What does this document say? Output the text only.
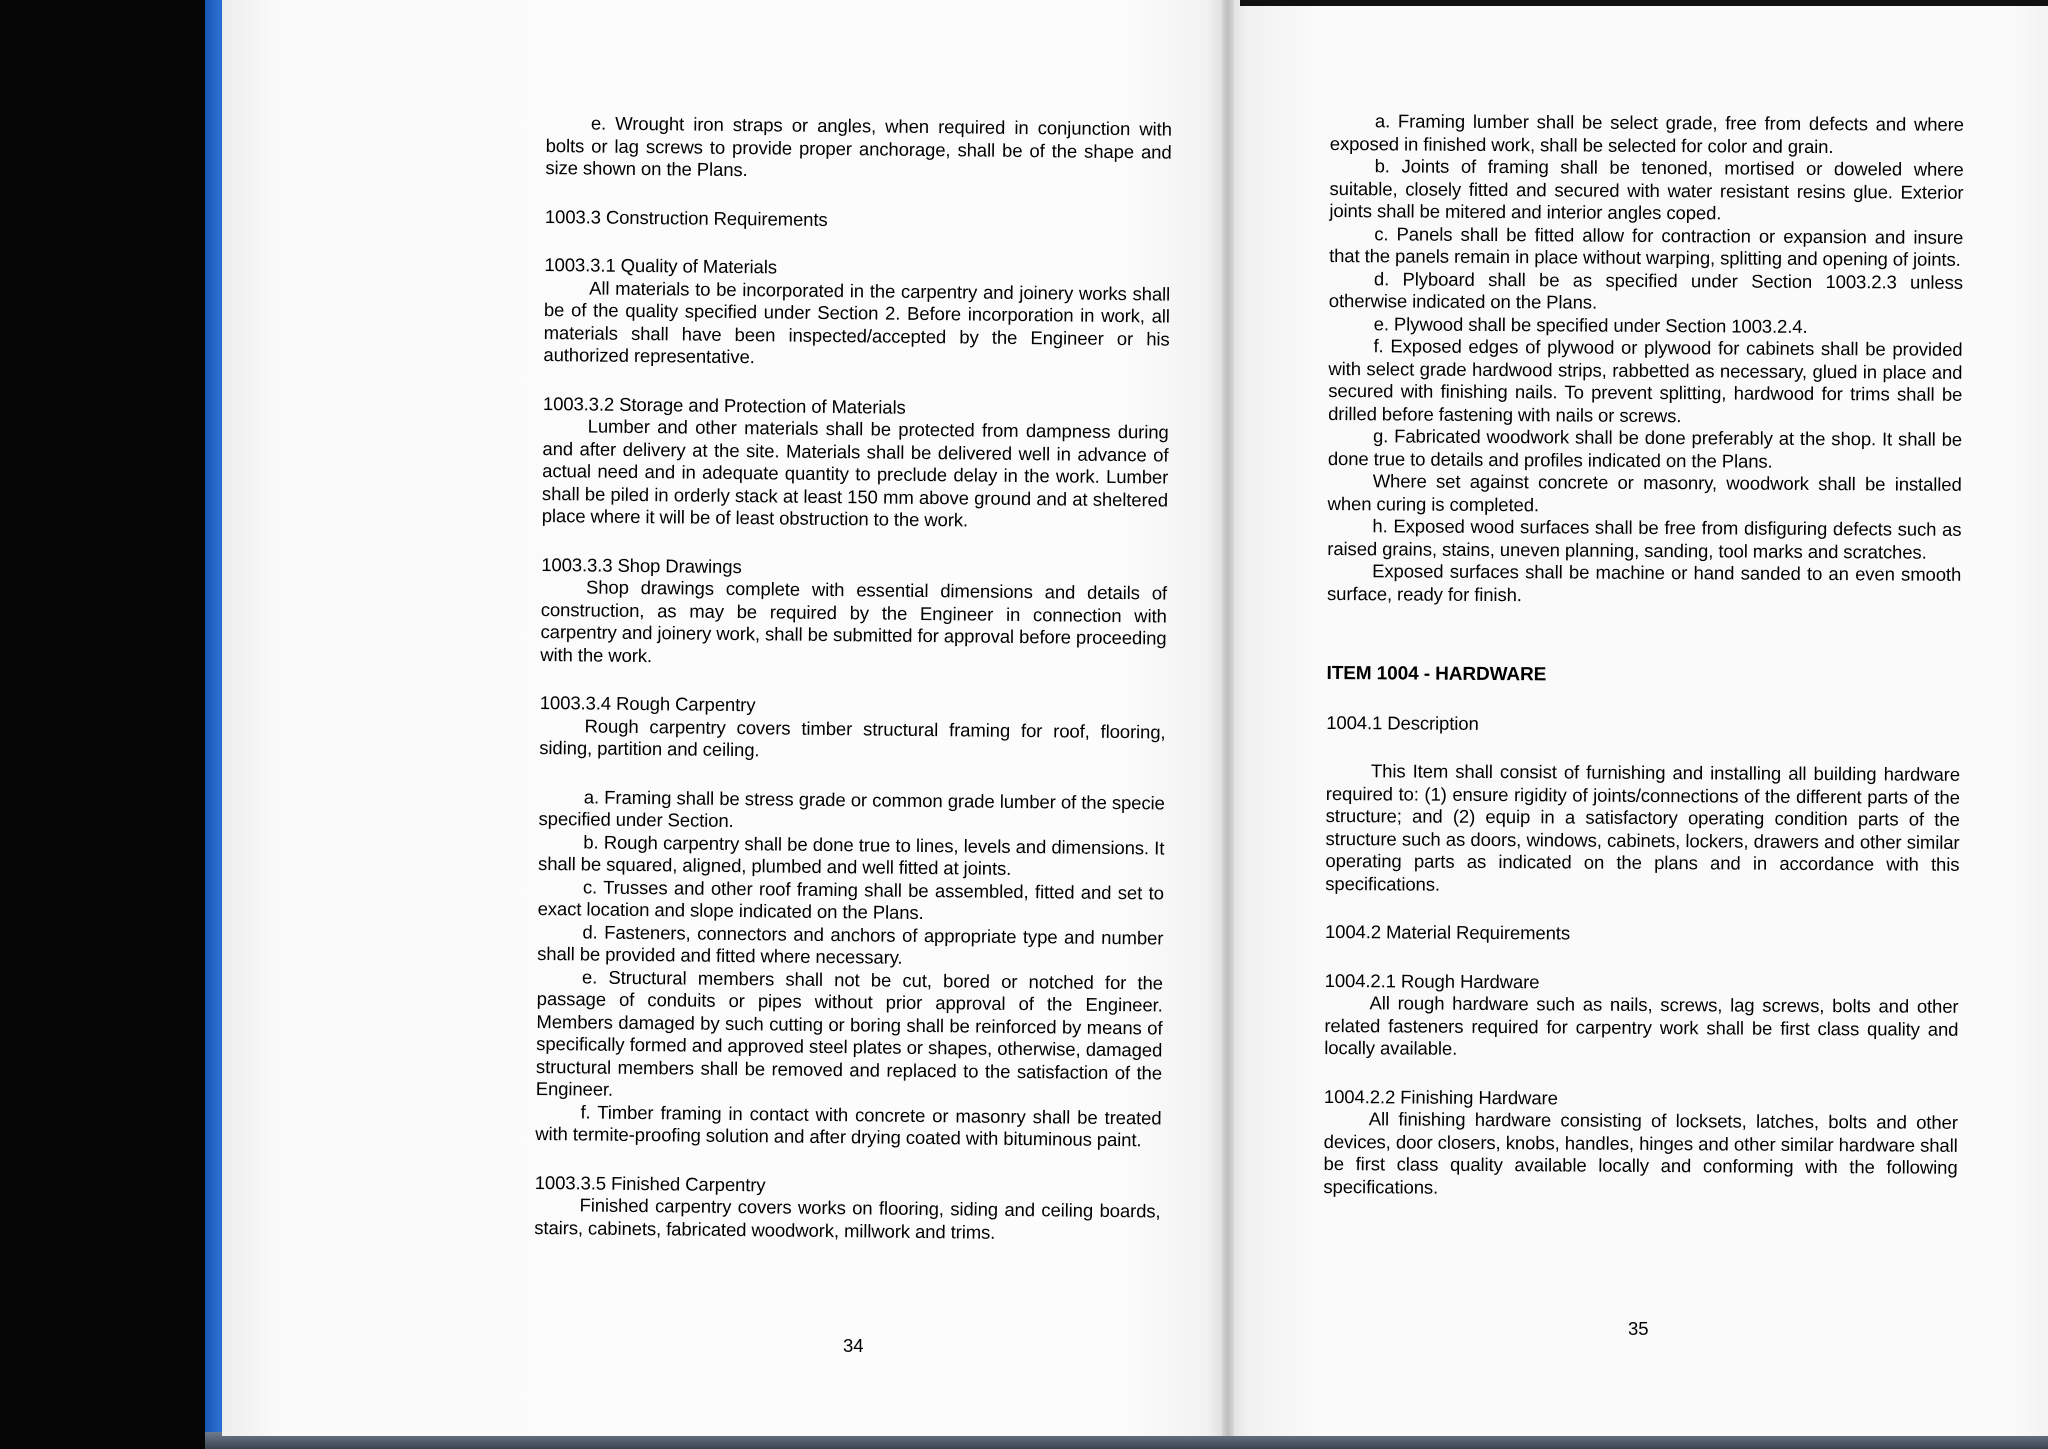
e. Wrought iron straps or angles, when required in conjunction with bolts or lag screws to provide proper anchorage, shall be of the shape and size shown on the Plans.

1003.3 Construction Requirements

1003.3.1 Quality of Materials

All materials to be incorporated in the carpentry and joinery works shall be of the quality specified under Section 2. Before incorporation in work, all materials shall have been inspected/accepted by the Engineer or his authorized representative.

1003.3.2 Storage and Protection of Materials

Lumber and other materials shall be protected from dampness during and after delivery at the site. Materials shall be delivered well in advance of actual need and in adequate quantity to preclude delay in the work. Lumber shall be piled in orderly stack at least 150 mm above ground and at sheltered place where it will be of least obstruction to the work.

1003.3.3 Shop Drawings

Shop drawings complete with essential dimensions and details of construction, as may be required by the Engineer in connection with carpentry and joinery work, shall be submitted for approval before proceeding with the work.

1003.3.4 Rough Carpentry

Rough carpentry covers timber structural framing for roof, flooring, siding, partition and ceiling.

a. Framing shall be stress grade or common grade lumber of the specie specified under Section.

b. Rough carpentry shall be done true to lines, levels and dimensions. It shall be squared, aligned, plumbed and well fitted at joints.

c. Trusses and other roof framing shall be assembled, fitted and set to exact location and slope indicated on the Plans.

d. Fasteners, connectors and anchors of appropriate type and number shall be provided and fitted where necessary.

e. Structural members shall not be cut, bored or notched for the passage of conduits or pipes without prior approval of the Engineer. Members damaged by such cutting or boring shall be reinforced by means of specifically formed and approved steel plates or shapes, otherwise, damaged structural members shall be removed and replaced to the satisfaction of the Engineer.

f. Timber framing in contact with concrete or masonry shall be treated with termite-proofing solution and after drying coated with bituminous paint.

1003.3.5 Finished Carpentry

Finished carpentry covers works on flooring, siding and ceiling boards, stairs, cabinets, fabricated woodwork, millwork and trims.

34

a. Framing lumber shall be select grade, free from defects and where exposed in finished work, shall be selected for color and grain.

b. Joints of framing shall be tenoned, mortised or doweled where suitable, closely fitted and secured with water resistant resins glue. Exterior joints shall be mitered and interior angles coped.

c. Panels shall be fitted allow for contraction or expansion and insure that the panels remain in place without warping, splitting and opening of joints.

d. Plyboard shall be as specified under Section 1003.2.3 unless otherwise indicated on the Plans.

e. Plywood shall be specified under Section 1003.2.4.

f. Exposed edges of plywood or plywood for cabinets shall be provided with select grade hardwood strips, rabbetted as necessary, glued in place and secured with finishing nails. To prevent splitting, hardwood for trims shall be drilled before fastening with nails or screws.

g. Fabricated woodwork shall be done preferably at the shop. It shall be done true to details and profiles indicated on the Plans.

Where set against concrete or masonry, woodwork shall be installed when curing is completed.

h. Exposed wood surfaces shall be free from disfiguring defects such as raised grains, stains, uneven planning, sanding, tool marks and scratches.

Exposed surfaces shall be machine or hand sanded to an even smooth surface, ready for finish.

ITEM 1004 - HARDWARE

1004.1 Description

This Item shall consist of furnishing and installing all building hardware required to: (1) ensure rigidity of joints/connections of the different parts of the structure; and (2) equip in a satisfactory operating condition parts of the structure such as doors, windows, cabinets, lockers, drawers and other similar operating parts as indicated on the plans and in accordance with this specifications.

1004.2 Material Requirements

1004.2.1 Rough Hardware

All rough hardware such as nails, screws, lag screws, bolts and other related fasteners required for carpentry work shall be first class quality and locally available.

1004.2.2 Finishing Hardware

All finishing hardware consisting of locksets, latches, bolts and other devices, door closers, knobs, handles, hinges and other similar hardware shall be first class quality available locally and conforming with the following specifications.

35
